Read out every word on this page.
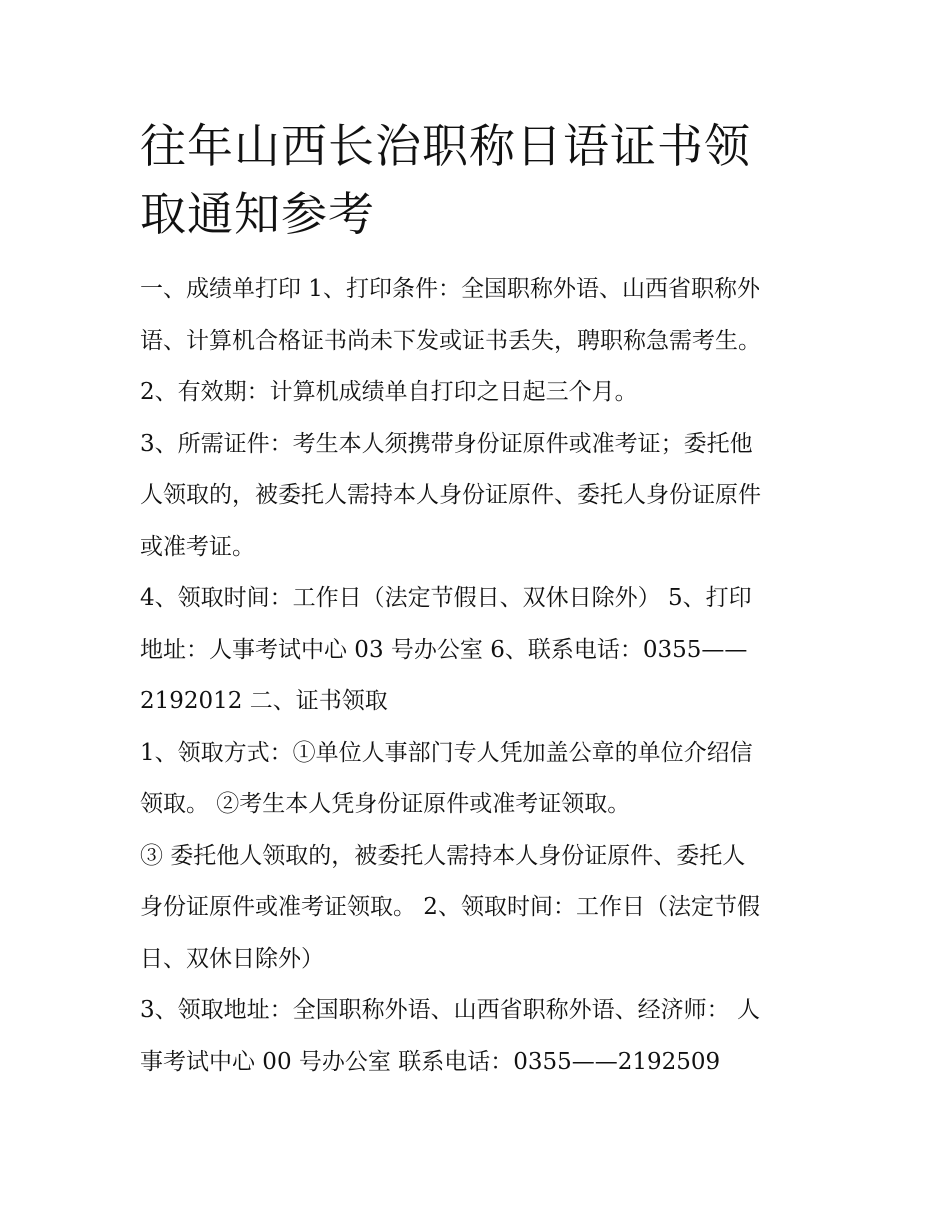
往年山西长治职称日语证书领
取通知参考
一、成绩单打印 1、打印条件：全国职称外语、山西省职称外
语、计算机合格证书尚未下发或证书丢失，聘职称急需考生。
2、有效期：计算机成绩单自打印之日起三个月。
3、所需证件：考生本人须携带身份证原件或准考证；委托他
人领取的，被委托人需持本人身份证原件、委托人身份证原件
或准考证。
4、领取时间：工作日（法定节假日、双休日除外） 5、打印
地址：人事考试中心 03 号办公室 6、联系电话：0355——
2192012 二、证书领取
1、领取方式：①单位人事部门专人凭加盖公章的单位介绍信
领取。 ②考生本人凭身份证原件或准考证领取。
③ 委托他人领取的，被委托人需持本人身份证原件、委托人
身份证原件或准考证领取。 2、领取时间：工作日（法定节假
日、双休日除外）
3、领取地址：全国职称外语、山西省职称外语、经济师： 人
事考试中心 00 号办公室 联系电话：0355——2192509
